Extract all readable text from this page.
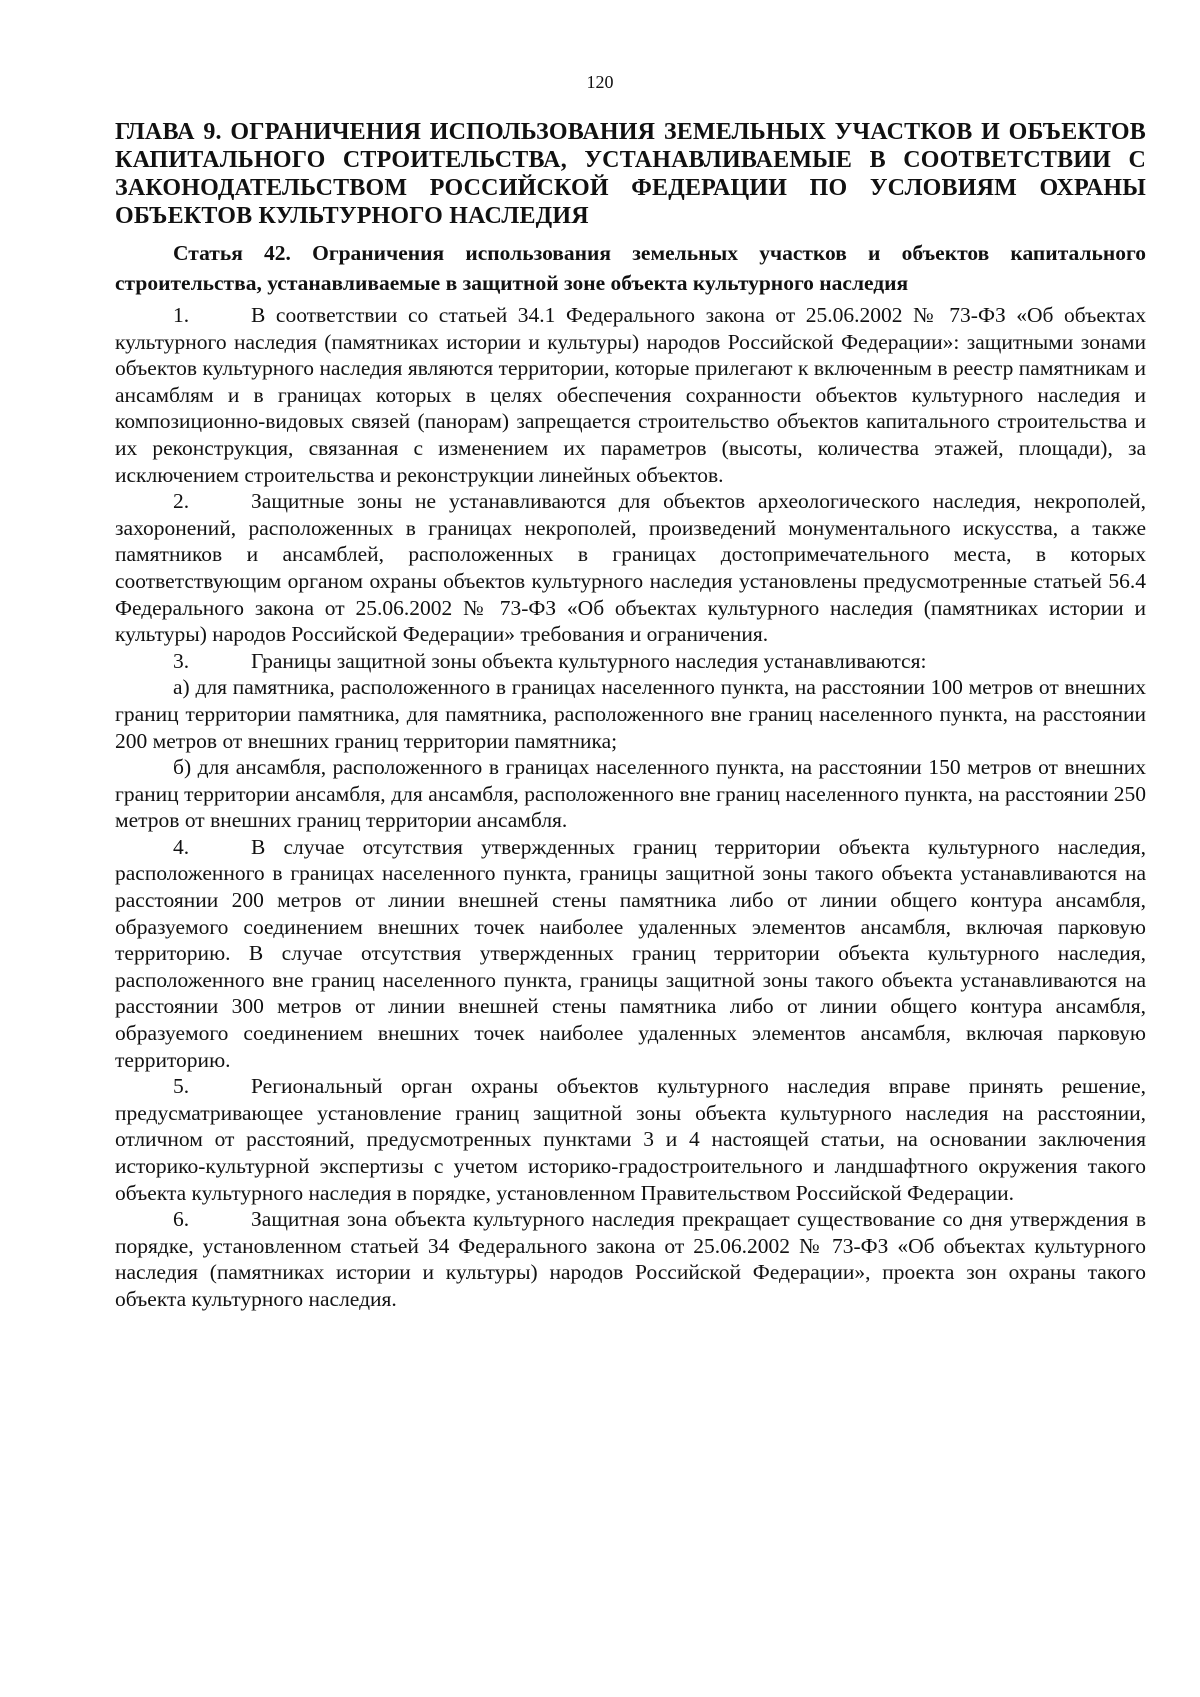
120
ГЛАВА 9. ОГРАНИЧЕНИЯ ИСПОЛЬЗОВАНИЯ ЗЕМЕЛЬНЫХ УЧАСТКОВ И ОБЪЕКТОВ КАПИТАЛЬНОГО СТРОИТЕЛЬСТВА, УСТАНАВЛИВАЕМЫЕ В СООТВЕТСТВИИ С ЗАКОНОДАТЕЛЬСТВОМ РОССИЙСКОЙ ФЕДЕРАЦИИ ПО УСЛОВИЯМ ОХРАНЫ ОБЪЕКТОВ КУЛЬТУРНОГО НАСЛЕДИЯ
Статья 42. Ограничения использования земельных участков и объектов капитального строительства, устанавливаемые в защитной зоне объекта культурного наследия

1.	В соответствии со статьей 34.1 Федерального закона от 25.06.2002 № 73-ФЗ «Об объектах культурного наследия (памятниках истории и культуры) народов Российской Федерации»: защитными зонами объектов культурного наследия являются территории, которые прилегают к включенным в реестр памятникам и ансамблям и в границах которых в целях обеспечения сохранности объектов культурного наследия и композиционно-видовых связей (панорам) запрещается строительство объектов капитального строительства и их реконструкция, связанная с изменением их параметров (высоты, количества этажей, площади), за исключением строительства и реконструкции линейных объектов.

2.	Защитные зоны не устанавливаются для объектов археологического наследия, некрополей, захоронений, расположенных в границах некрополей, произведений монументального искусства, а также памятников и ансамблей, расположенных в границах достопримечательного места, в которых соответствующим органом охраны объектов культурного наследия установлены предусмотренные статьей 56.4 Федерального закона от 25.06.2002 № 73-ФЗ «Об объектах культурного наследия (памятниках истории и культуры) народов Российской Федерации» требования и ограничения.

3.	Границы защитной зоны объекта культурного наследия устанавливаются:

а) для памятника, расположенного в границах населенного пункта, на расстоянии 100 метров от внешних границ территории памятника, для памятника, расположенного вне границ населенного пункта, на расстоянии 200 метров от внешних границ территории памятника;

б) для ансамбля, расположенного в границах населенного пункта, на расстоянии 150 метров от внешних границ территории ансамбля, для ансамбля, расположенного вне границ населенного пункта, на расстоянии 250 метров от внешних границ территории ансамбля.

4.	В случае отсутствия утвержденных границ территории объекта культурного наследия, расположенного в границах населенного пункта, границы защитной зоны такого объекта устанавливаются на расстоянии 200 метров от линии внешней стены памятника либо от линии общего контура ансамбля, образуемого соединением внешних точек наиболее удаленных элементов ансамбля, включая парковую территорию. В случае отсутствия утвержденных границ территории объекта культурного наследия, расположенного вне границ населенного пункта, границы защитной зоны такого объекта устанавливаются на расстоянии 300 метров от линии внешней стены памятника либо от линии общего контура ансамбля, образуемого соединением внешних точек наиболее удаленных элементов ансамбля, включая парковую территорию.

5.	Региональный орган охраны объектов культурного наследия вправе принять решение, предусматривающее установление границ защитной зоны объекта культурного наследия на расстоянии, отличном от расстояний, предусмотренных пунктами 3 и 4 настоящей статьи, на основании заключения историко-культурной экспертизы с учетом историко-градостроительного и ландшафтного окружения такого объекта культурного наследия в порядке, установленном Правительством Российской Федерации.

6.	Защитная зона объекта культурного наследия прекращает существование со дня утверждения в порядке, установленном статьей 34 Федерального закона от 25.06.2002 № 73-ФЗ «Об объектах культурного наследия (памятниках истории и культуры) народов Российской Федерации», проекта зон охраны такого объекта культурного наследия.
